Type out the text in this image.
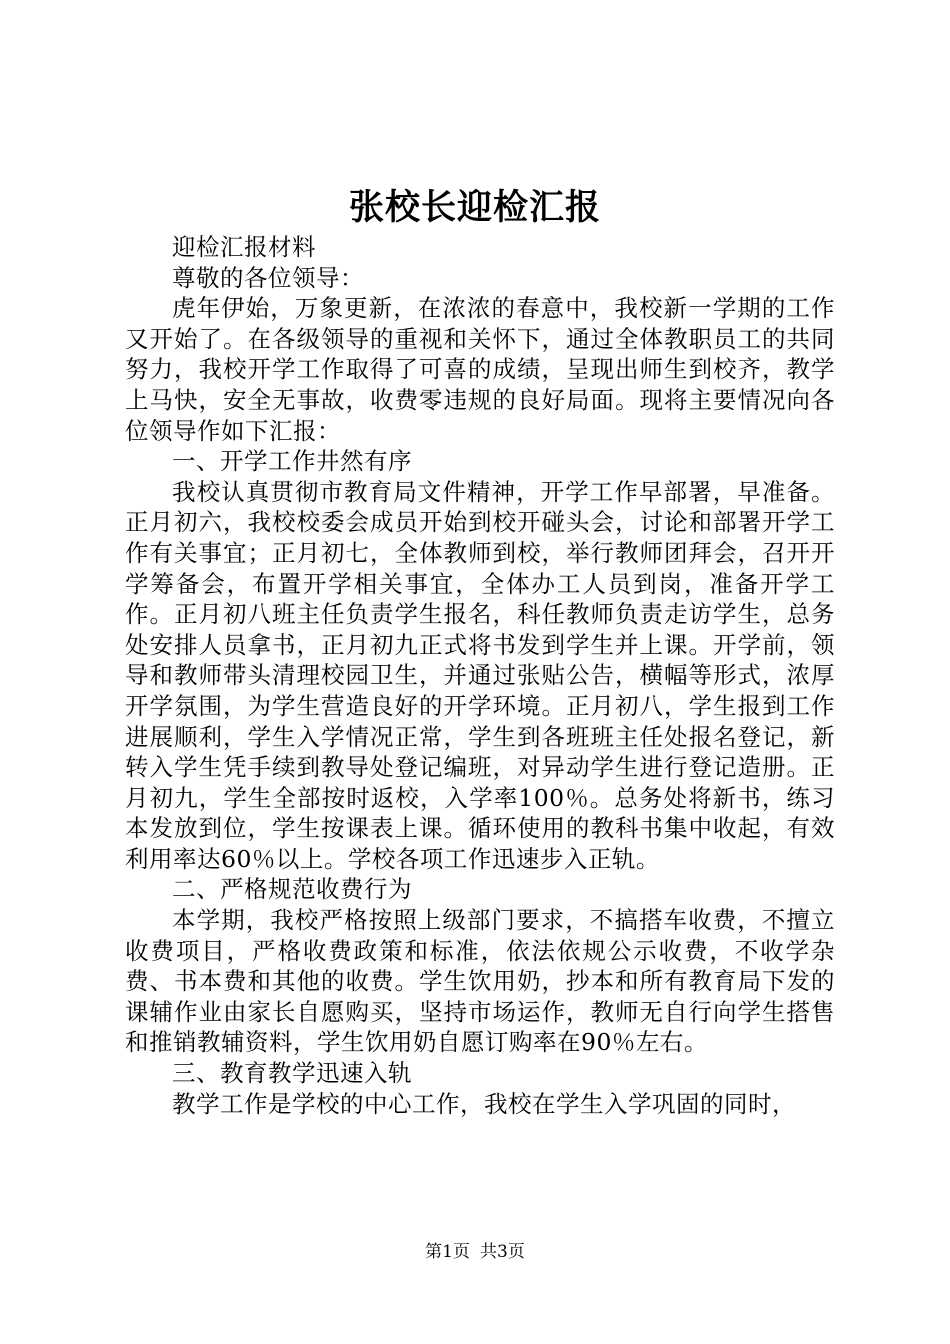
张校长迎检汇报

迎检汇报材料

尊敬的各位领导：

虎年伊始，万象更新，在浓浓的春意中，我校新一学期的工作又开始了。在各级领导的重视和关怀下，通过全体教职员工的共同努力，我校开学工作取得了可喜的成绩，呈现出师生到校齐，教学上马快，安全无事故，收费零违规的良好局面。现将主要情况向各位领导作如下汇报：

一、开学工作井然有序

我校认真贯彻市教育局文件精神，开学工作早部署，早准备。正月初六，我校校委会成员开始到校开碰头会，讨论和部署开学工作有关事宜；正月初七，全体教师到校，举行教师团拜会，召开开学筹备会，布置开学相关事宜，全体办工人员到岗，准备开学工作。正月初八班主任负责学生报名，科任教师负责走访学生，总务处安排人员拿书，正月初九正式将书发到学生并上课。开学前，领导和教师带头清理校园卫生，并通过张贴公告，横幅等形式，浓厚开学氛围，为学生营造良好的开学环境。正月初八，学生报到工作进展顺利，学生入学情况正常，学生到各班班主任处报名登记，新转入学生凭手续到教导处登记编班，对异动学生进行登记造册。正月初九，学生全部按时返校，入学率100％。总务处将新书，练习本发放到位，学生按课表上课。循环使用的教科书集中收起，有效利用率达60％以上。学校各项工作迅速步入正轨。

二、严格规范收费行为

本学期，我校严格按照上级部门要求，不搞搭车收费，不擅立收费项目，严格收费政策和标准，依法依规公示收费，不收学杂费、书本费和其他的收费。学生饮用奶，抄本和所有教育局下发的课辅作业由家长自愿购买，坚持市场运作，教师无自行向学生搭售和推销教辅资料，学生饮用奶自愿订购率在90％左右。

三、教育教学迅速入轨

教学工作是学校的中心工作，我校在学生入学巩固的同时，

第1页 共3页
